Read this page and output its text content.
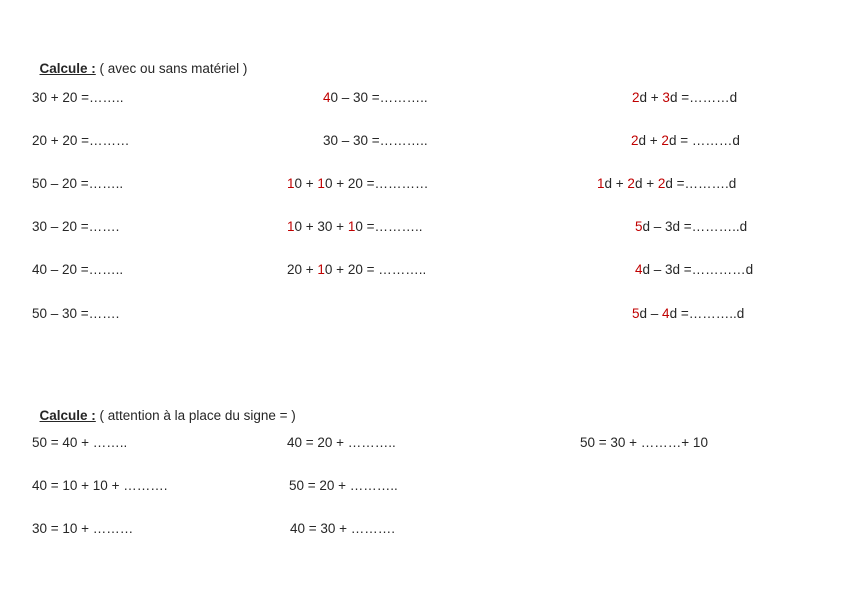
Calcule : ( avec ou sans matériel )

30 + 20 =……..
20 + 20 =………
50 – 20 =……..
30 – 20 =…….
40 – 20 =……..
50 – 30 =…….
40 – 30 =………..
30 – 30 =………..
10 + 10 + 20 =…………
10 + 30 + 10 =………..
20 + 10 + 20 = ………..
2d + 3d =………d
2d + 2d = ………d
1d + 2d + 2d =……….d
5d – 3d =………..d
4d – 3d =…………d
5d – 4d =………..d

Calcule : ( attention à la place du signe = )

50 = 40 + ……..
40 = 10 + 10 + ……….
30 = 10 + ………
40 = 20 + ………..
50 = 20 + ………..
40 = 30 + ……….
50 = 30 + ………+ 10
